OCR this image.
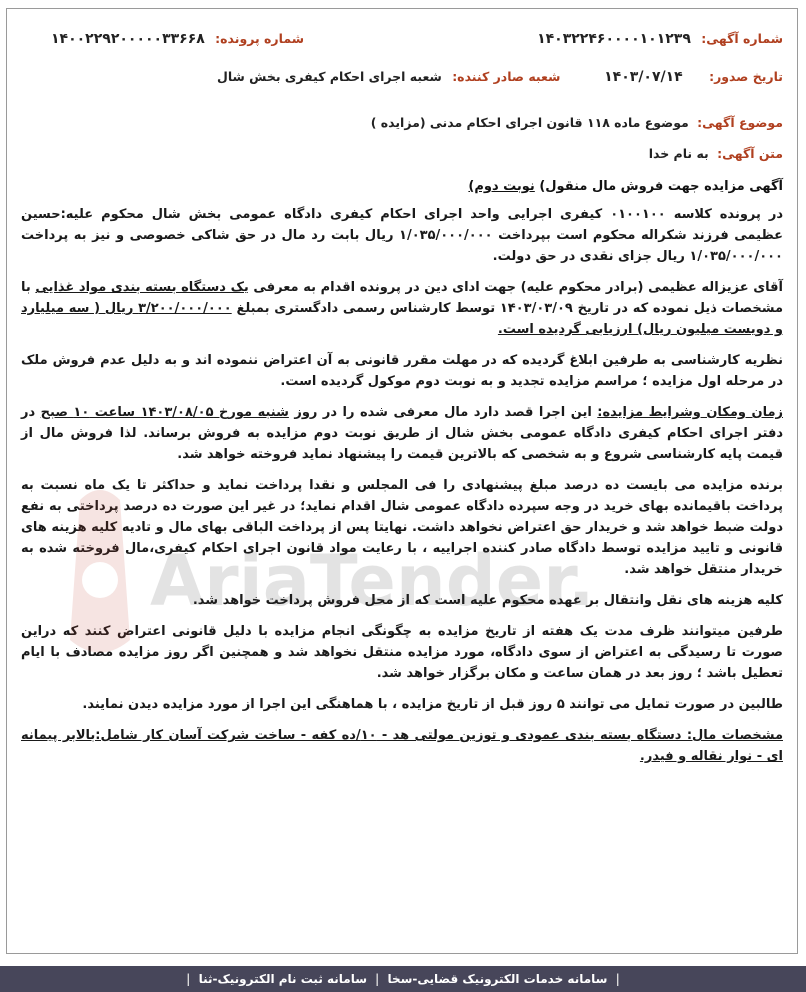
شماره آگهی: ۱۴۰۳۲۲۴۶۰۰۰۰۱۰۱۲۳۹
شماره پرونده: ۱۴۰۰۲۲۹۲۰۰۰۰۰۳۳۶۶۸
تاریخ صدور: ۱۴۰۳/۰۷/۱۴
شعبه صادر کننده: شعبه اجرای احکام کیفری بخش شال
موضوع آگهی: موضوع ماده ۱۱۸ قانون اجرای احکام مدنی (مزایده )
متن آگهی: به نام خدا
آگهی مزایده جهت فروش مال منقول) نوبت دوم)
در پرونده کلاسه ۰۱۰۰۱۰۰ کیفری اجرایی واحد اجرای احکام کیفری دادگاه عمومی بخش شال محکوم علیه:حسین عظیمی فرزند شکراله محکوم است بپرداخت ۱/۰۳۵/۰۰۰/۰۰۰ ریال بابت رد مال در حق شاکی خصوصی و نیز به پرداخت ۱/۰۳۵/۰۰۰/۰۰۰ ریال جزای نقدی در حق دولت.
آقای عزیزاله عظیمی (برادر محکوم علیه) جهت ادای دین در پرونده اقدام به معرفی یک دستگاه بسته بندی مواد غذایی با مشخصات ذیل نموده که در تاریخ ۱۴۰۳/۰۳/۰۹ توسط کارشناس رسمی دادگستری بمبلغ ۳/۲۰۰/۰۰۰/۰۰۰ ریال ( سه میلیارد و دویست میلیون ریال) ارزیابی گردیده است.
نظریه کارشناسی به طرفین ابلاغ گردیده که در مهلت مقرر قانونی به آن اعتراض ننموده اند و به دلیل عدم فروش ملک در مرحله اول مزایده ؛ مراسم مزایده تجدید و به نوبت دوم موکول گردیده است.
زمان ومکان وشرایط مزایده: این اجرا قصد دارد مال معرفی شده را در روز شنبه مورخ ۱۴۰۳/۰۸/۰۵ ساعت ۱۰ صبح در دفتر اجرای احکام کیفری دادگاه عمومی بخش شال از طریق نوبت دوم مزایده به فروش برساند. لذا فروش مال از قیمت پایه کارشناسی شروع و به شخصی که بالاترین قیمت را پیشنهاد نماید فروخته خواهد شد.
برنده مزایده می بایست ده درصد مبلغ پیشنهادی را فی المجلس و نقدا پرداخت نماید و حداکثر تا یک ماه نسبت به پرداخت باقیمانده بهای خرید در وجه سپرده دادگاه عمومی شال اقدام نماید؛ در غیر این صورت ده درصد پرداختی به نفع دولت ضبط خواهد شد و خریدار حق اعتراض نخواهد داشت. نهایتا پس از پرداخت الباقی بهای مال و تادیه کلیه هزینه های قانونی و تایید مزایده توسط دادگاه صادر کننده اجراییه ، با رعایت مواد قانون اجرای احکام کیفری،مال فروخته شده به خریدار منتقل خواهد شد.
کلیه هزینه های نقل وانتقال بر عهده محکوم علیه است که از محل فروش پرداخت خواهد شد.
طرفین میتوانند ظرف مدت یک هفته از تاریخ مزایده به چگونگی انجام مزایده با دلیل قانونی اعتراض کنند که دراین صورت تا رسیدگی به اعتراض از سوی دادگاه، مورد مزایده منتقل نخواهد شد و همچنین اگر روز مزایده مصادف با ایام تعطیل باشد ؛ روز بعد در همان ساعت و مکان برگزار خواهد شد.
طالبین در صورت تمایل می توانند ۵ روز قبل از تاریخ مزایده ، با هماهنگی این اجرا از مورد مزایده دیدن نمایند.
مشخصات مال: دستگاه بسته بندی عمودی و توزین مولتی هد - ۱۰/ده کفه - ساخت شرکت آسان کار شامل:بالابر پیمانه ای - نوار نقاله و فیدر.
|
سامانه خدمات الکترونیک قضایی-سخا
|
سامانه ثبت نام الکترونیک-ثنا
|
